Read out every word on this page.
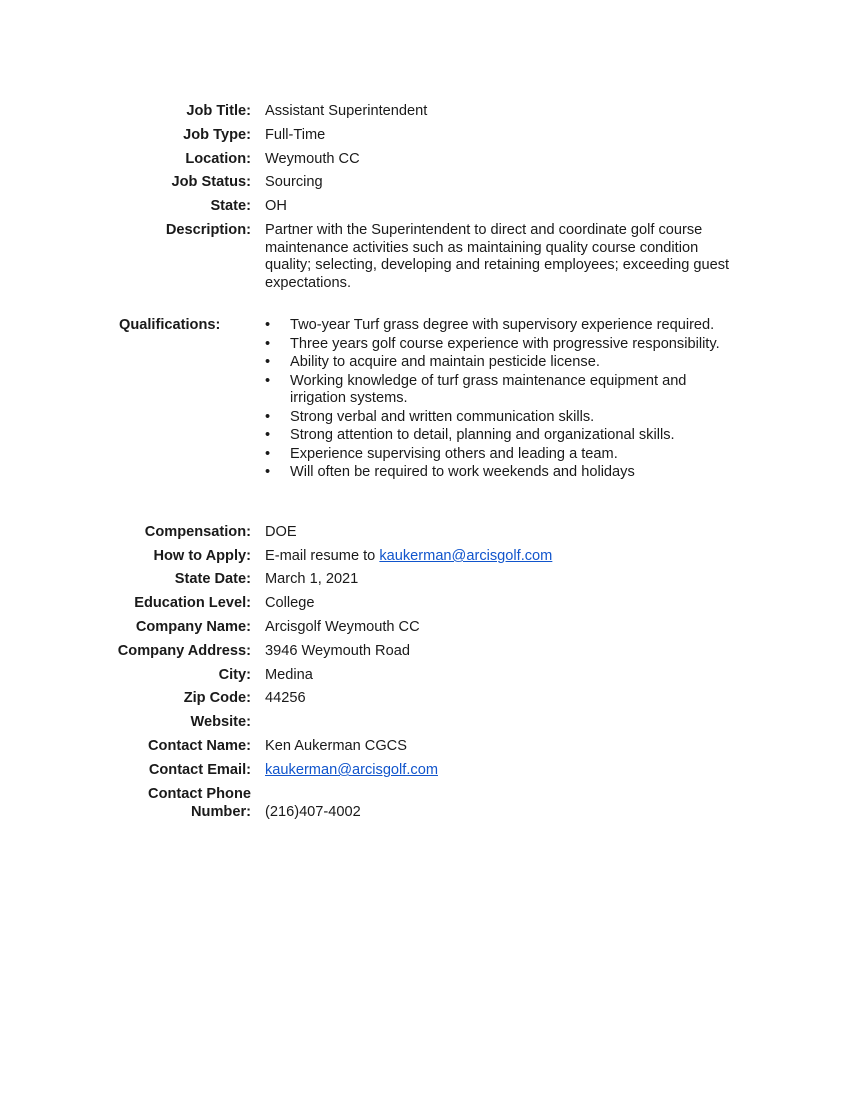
Job Title: Assistant Superintendent
Job Type: Full-Time
Location: Weymouth CC
Job Status: Sourcing
State: OH
Description: Partner with the Superintendent to direct and coordinate golf course maintenance activities such as maintaining quality course condition quality; selecting, developing and retaining employees; exceeding guest expectations.
Qualifications:	•	Two-year Turf grass degree with supervisory experience required.
•	Three years golf course experience with progressive responsibility.
•	Ability to acquire and maintain pesticide license.
•	Working knowledge of turf grass maintenance equipment and irrigation systems.
•	Strong verbal and written communication skills.
•	Strong attention to detail, planning and organizational skills.
•	Experience supervising others and leading a team.
•	Will often be required to work weekends and holidays
Compensation: DOE
How to Apply: E-mail resume to kaukerman@arcisgolf.com
State Date: March 1, 2021
Education Level: College
Company Name: Arcisgolf Weymouth CC
Company Address: 3946 Weymouth Road
City: Medina
Zip Code: 44256
Website:
Contact Name: Ken Aukerman CGCS
Contact Email: kaukerman@arcisgolf.com
Contact Phone
Number: (216)407-4002
